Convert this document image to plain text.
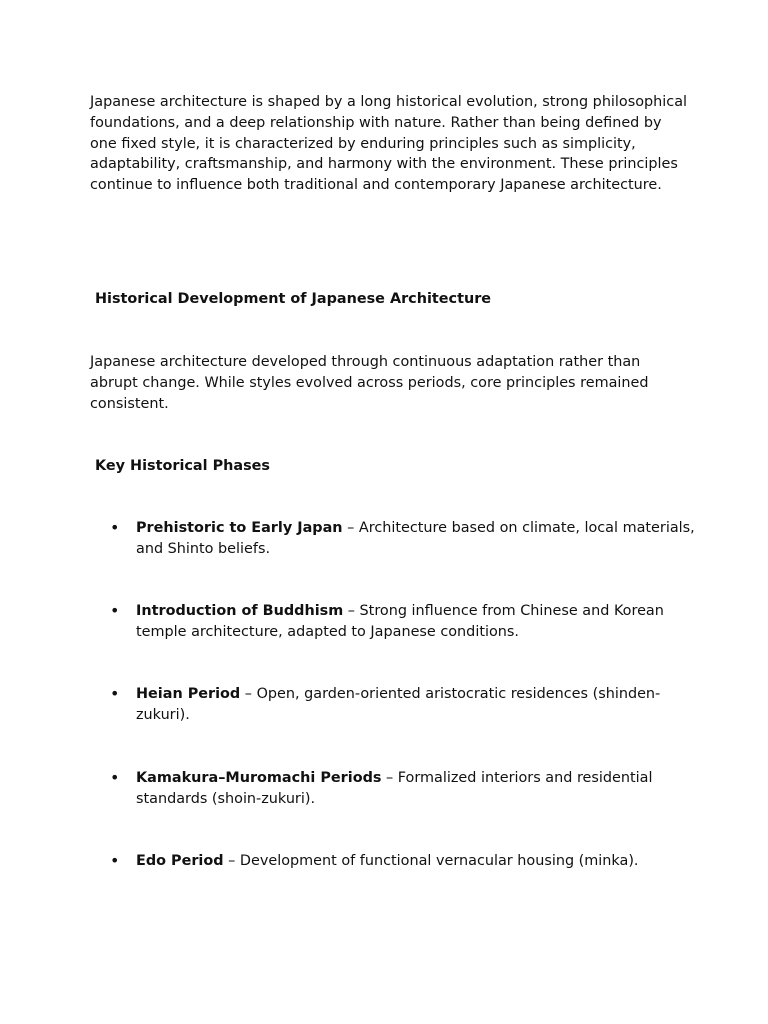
Japanese architecture is shaped by a long historical evolution, strong philosophical foundations, and a deep relationship with nature. Rather than being defined by one fixed style, it is characterized by enduring principles such as simplicity, adaptability, craftsmanship, and harmony with the environment. These principles continue to influence both traditional and contemporary Japanese architecture.

Historical Development of Japanese Architecture

Japanese architecture developed through continuous adaptation rather than abrupt change. While styles evolved across periods, core principles remained consistent.

Key Historical Phases
• Prehistoric to Early Japan – Architecture based on climate, local materials, and Shinto beliefs.
• Introduction of Buddhism – Strong influence from Chinese and Korean temple architecture, adapted to Japanese conditions.
• Heian Period – Open, garden-oriented aristocratic residences (shinden-zukuri).
• Kamakura–Muromachi Periods – Formalized interiors and residential standards (shoin-zukuri).
• Edo Period – Development of functional vernacular housing (minka).
